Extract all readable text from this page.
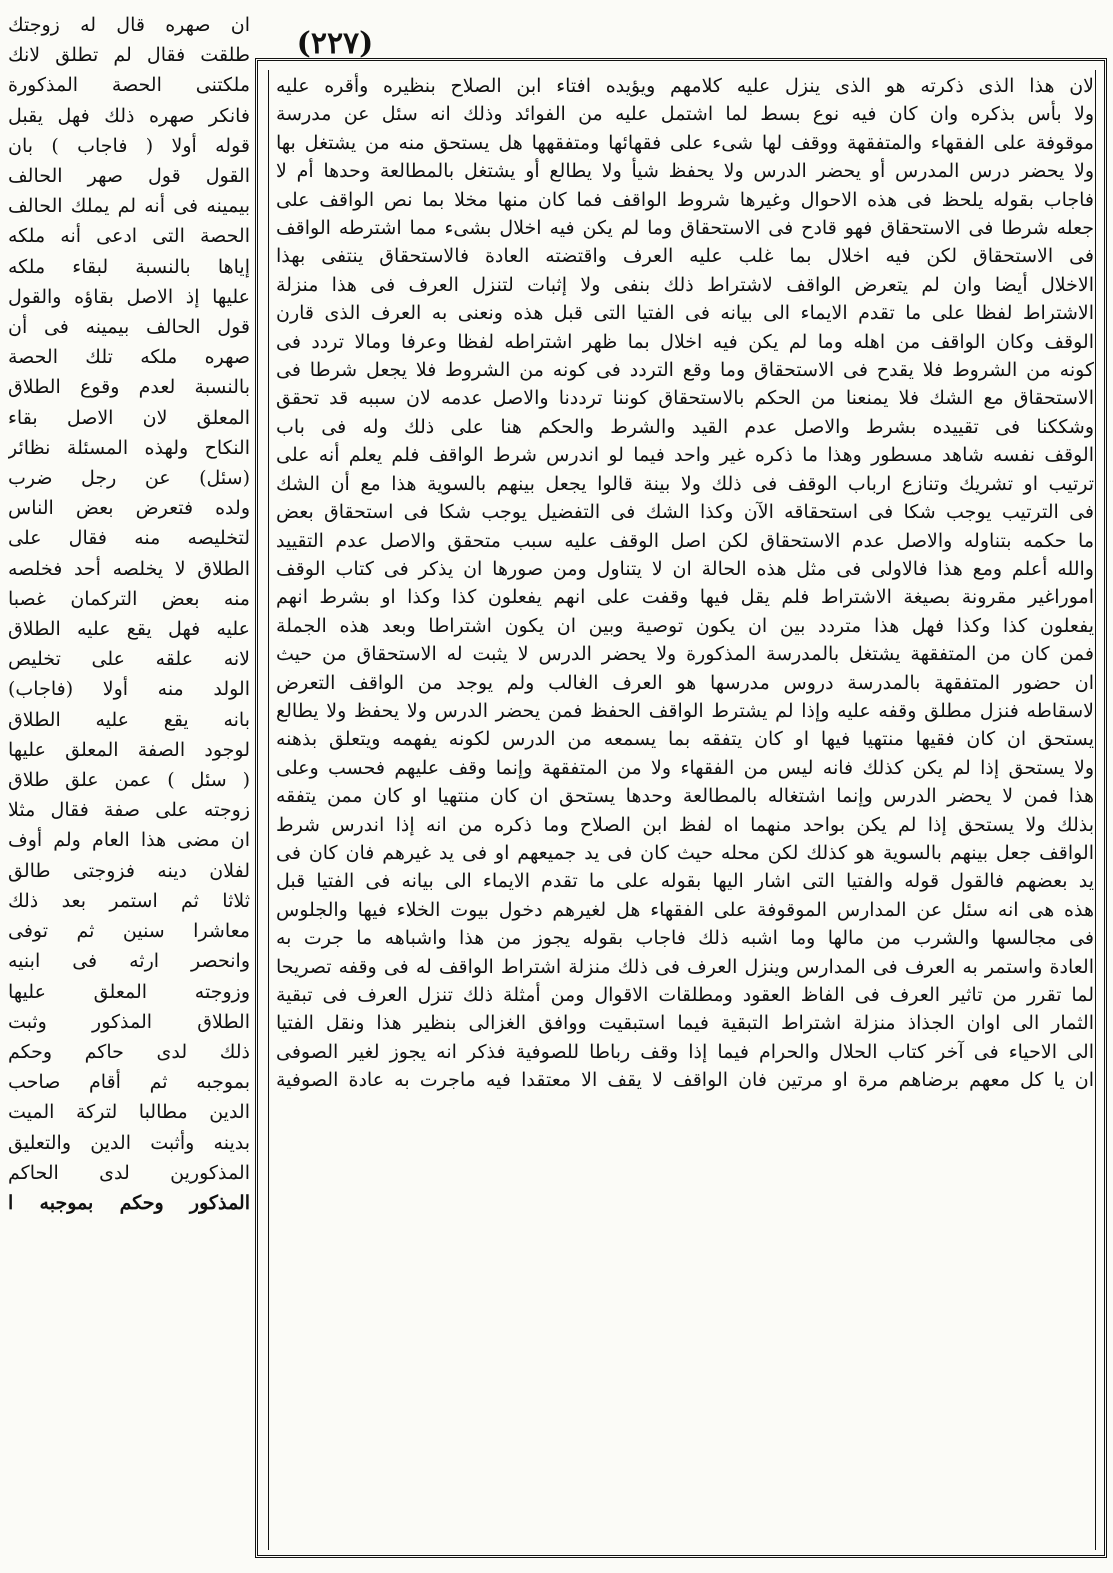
(٢٢٧)
لان هذا الذى ذكرته هو الذى ينزل عليه كلامهم ويؤيده افتاء ابن الصلاح بنظيره وأقره عليه
ولا بأس بذكره وان كان فيه نوع بسط لما اشتمل عليه من الفوائد وذلك انه سئل عن مدرسة
موقوفة على الفقهاء والمتفقهة ووقف لها شىء على فقهائها ومتفقهها هل يستحق منه من يشتغل بها
ولا يحضر درس المدرس أو يحضر الدرس ولا يحفظ شيأ ولا يطالع أو يشتغل بالمطالعة وحدها أم لا
فاجاب بقوله يلحظ فى هذه الاحوال وغيرها شروط الواقف فما كان منها مخلا بما نص الواقف على
جعله شرطا فى الاستحقاق فهو قادح فى الاستحقاق وما لم يكن فيه اخلال بشىء مما اشترطه الواقف
فى الاستحقاق لكن فيه اخلال بما غلب عليه العرف واقتضته العادة فالاستحقاق ينتفى بهذا
الاخلال أيضا وان لم يتعرض الواقف لاشتراط ذلك بنفى ولا إثبات لتنزل العرف فى هذا منزلة
الاشتراط لفظا على ما تقدم الايماء الى بيانه فى الفتيا التى قبل هذه ونعنى به العرف الذى قارن
الوقف وكان الواقف من اهله وما لم يكن فيه اخلال بما ظهر اشتراطه لفظا وعرفا ومالا تردد فى
كونه من الشروط فلا يقدح فى الاستحقاق وما وقع التردد فى كونه من الشروط فلا يجعل شرطا فى
الاستحقاق مع الشك فلا يمنعنا من الحكم بالاستحقاق كوننا ترددنا والاصل عدمه لان سببه قد تحقق
وشككنا فى تقييده بشرط والاصل عدم القيد والشرط والحكم هنا على ذلك وله فى باب
الوقف نفسه شاهد مسطور وهذا ما ذكره غير واحد فيما لو اندرس شرط الواقف فلم يعلم أنه على
ترتيب او تشريك وتنازع ارباب الوقف فى ذلك ولا بينة قالوا يجعل بينهم بالسوية هذا مع أن الشك
فى الترتيب يوجب شكا فى استحقاقه الآن وكذا الشك فى التفضيل يوجب شكا فى استحقاق بعض
ما حكمه بتناوله والاصل عدم الاستحقاق لكن اصل الوقف عليه سبب متحقق والاصل عدم التقييد
والله أعلم ومع هذا فالاولى فى مثل هذه الحالة ان لا يتناول ومن صورها ان يذكر فى كتاب الوقف
اموراغير مقرونة بصيغة الاشتراط فلم يقل فيها وقفت على انهم يفعلون كذا وكذا او بشرط انهم
يفعلون كذا وكذا فهل هذا متردد بين ان يكون توصية وبين ان يكون اشتراطا وبعد هذه الجملة
فمن كان من المتفقهة يشتغل بالمدرسة المذكورة ولا يحضر الدرس لا يثبت له الاستحقاق من حيث
ان حضور المتفقهة بالمدرسة دروس مدرسها هو العرف الغالب ولم يوجد من الواقف التعرض
لاسقاطه فنزل مطلق وقفه عليه وإذا لم يشترط الواقف الحفظ فمن يحضر الدرس ولا يحفظ ولا يطالع
يستحق ان كان فقيها منتهيا فيها او كان يتفقه بما يسمعه من الدرس لكونه يفهمه ويتعلق بذهنه
ولا يستحق إذا لم يكن كذلك فانه ليس من الفقهاء ولا من المتفقهة وإنما وقف عليهم فحسب وعلى
هذا فمن لا يحضر الدرس وإنما اشتغاله بالمطالعة وحدها يستحق ان كان منتهيا او كان ممن يتفقه
بذلك ولا يستحق إذا لم يكن بواحد منهما اه لفظ ابن الصلاح وما ذكره من انه إذا اندرس شرط
الواقف جعل بينهم بالسوية هو كذلك لكن محله حيث كان فى يد جميعهم او فى يد غيرهم فان كان فى
يد بعضهم فالقول قوله والفتيا التى اشار اليها بقوله على ما تقدم الايماء الى بيانه فى الفتيا قبل
هذه هى انه سئل عن المدارس الموقوفة على الفقهاء هل لغيرهم دخول بيوت الخلاء فيها والجلوس
فى مجالسها والشرب من مالها وما اشبه ذلك فاجاب بقوله يجوز من هذا واشباهه ما جرت به
العادة واستمر به العرف فى المدارس وينزل العرف فى ذلك منزلة اشتراط الواقف له فى وقفه تصريحا
لما تقرر من تاثير العرف فى الفاظ العقود ومطلقات الاقوال ومن أمثلة ذلك تنزل العرف فى تبقية
الثمار الى اوان الجذاذ منزلة اشتراط التبقية فيما استبقيت ووافق الغزالى بنظير هذا ونقل الفتيا
الى الاحياء فى آخر كتاب الحلال والحرام فيما إذا وقف رباطا للصوفية فذكر انه يجوز لغير الصوفى
ان يا كل معهم برضاهم مرة او مرتين فان الواقف لا يقف الا معتقدا فيه ماجرت به عادة الصوفية
ان صهره قال له زوجتك
طلقت فقال لم تطلق لانك
ملكتنى الحصة المذكورة
فانكر صهره ذلك فهل يقبل
قوله أولا ( فاجاب ) بان
القول قول صهر الحالف
بيمينه فى أنه لم يملك الحالف
الحصة التى ادعى أنه ملكه
إياها بالنسبة لبقاء ملكه
عليها إذ الاصل بقاؤه والقول
قول الحالف بيمينه فى أن
صهره ملكه تلك الحصة
بالنسبة لعدم وقوع الطلاق
المعلق لان الاصل بقاء
النكاح ولهذه المسئلة نظائر
(سئل) عن رجل ضرب
ولده فتعرض بعض الناس
لتخليصه منه فقال على
الطلاق لا يخلصه أحد فخلصه
منه بعض التركمان غصبا
عليه فهل يقع عليه الطلاق
لانه علقه على تخليص
الولد منه أولا (فاجاب)
بانه يقع عليه الطلاق
لوجود الصفة المعلق عليها
( سئل ) عمن علق طلاق
زوجته على صفة فقال مثلا
ان مضى هذا العام ولم أوف
لفلان دينه فزوجتى طالق
ثلاثا ثم استمر بعد ذلك
معاشرا سنين ثم توفى
وانحصر ارثه فى ابنيه
وزوجته المعلق عليها
الطلاق المذكور وثبت
ذلك لدى حاكم وحكم
بموجبه ثم أقام صاحب
الدين مطالبا لتركة الميت
بدينه وأثبت الدين والتعليق
المذكورين لدى الحاكم
المذكور وحكم بموجبه ا
